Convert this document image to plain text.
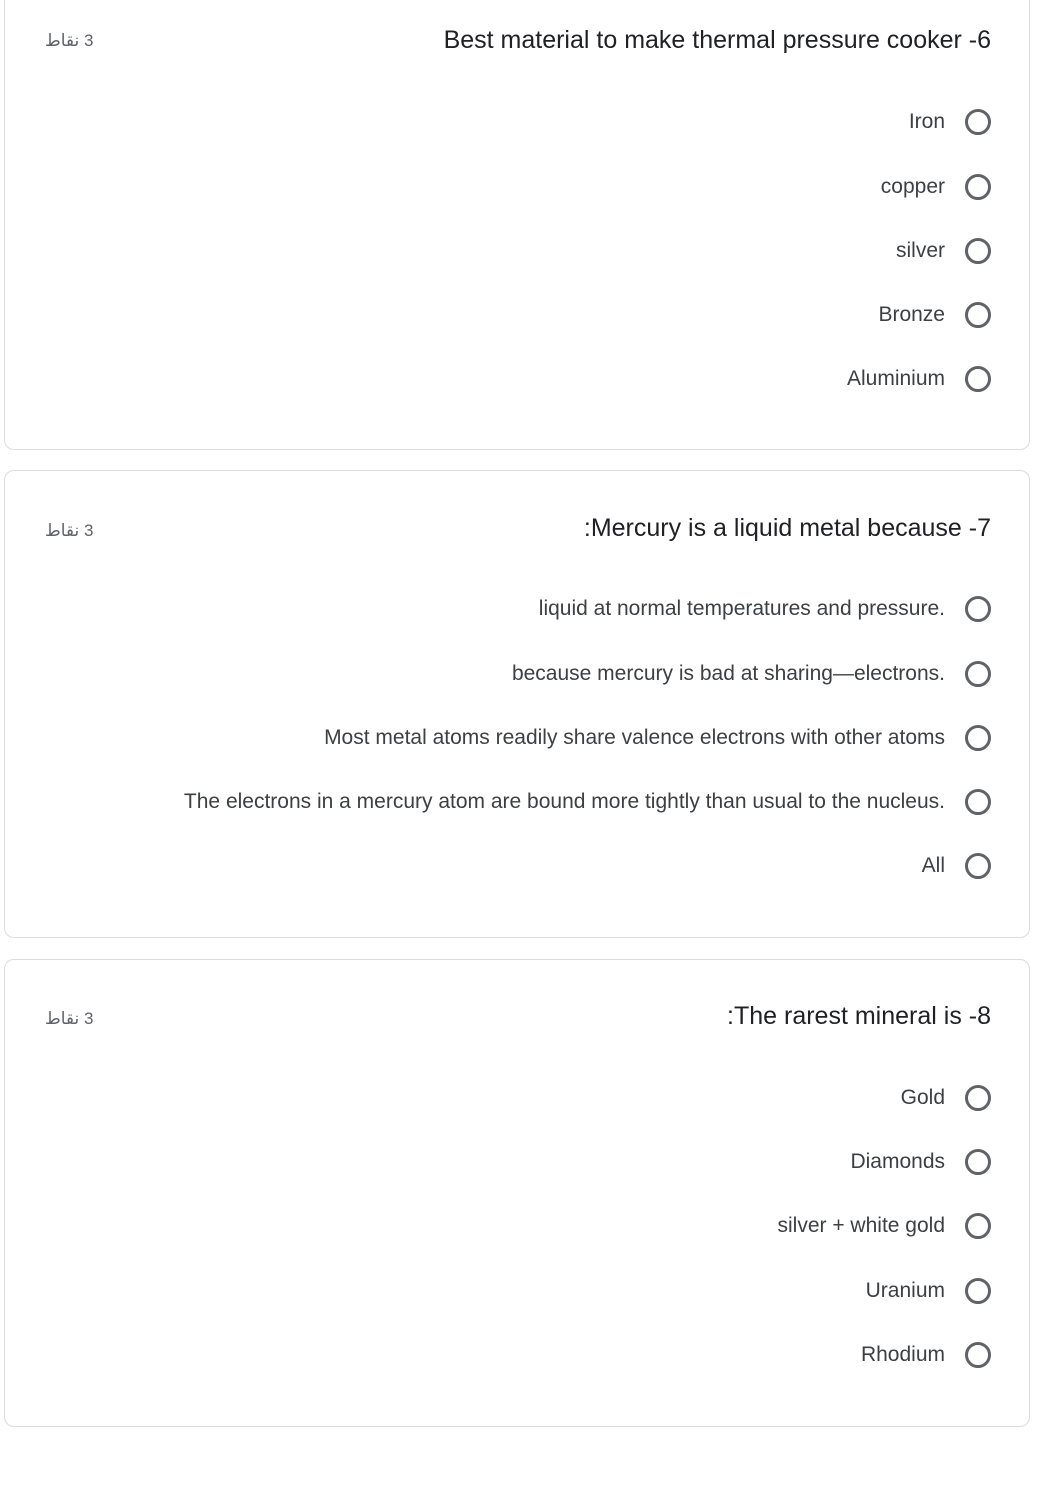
3 نقاط	Best material to make thermal pressure cooker -6
Iron
copper
silver
Bronze
Aluminium
3 نقاط	:Mercury is a liquid metal because -7
liquid at normal temperatures and pressure.
because mercury is bad at sharing—electrons.
Most metal atoms readily share valence electrons with other atoms
The electrons in a mercury atom are bound more tightly than usual to the nucleus.
All
3 نقاط	:The rarest mineral is -8
Gold
Diamonds
silver + white gold
Uranium
Rhodium
